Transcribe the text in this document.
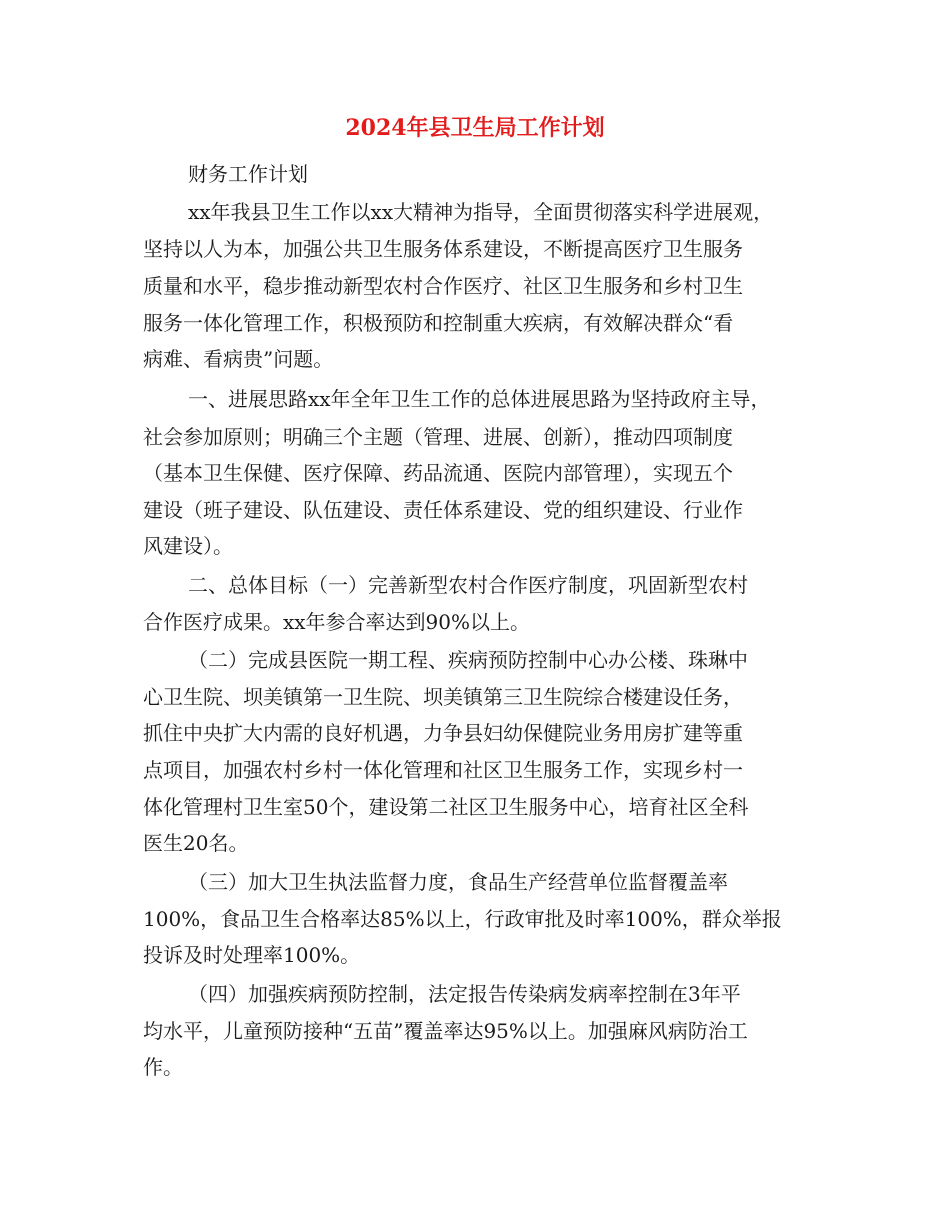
2024年县卫生局工作计划
财务工作计划
xx年我县卫生工作以xx大精神为指导，全面贯彻落实科学进展观，
坚持以人为本，加强公共卫生服务体系建设，不断提高医疗卫生服务
质量和水平，稳步推动新型农村合作医疗、社区卫生服务和乡村卫生
服务一体化管理工作，积极预防和控制重大疾病，有效解决群众“看
病难、看病贵”问题。
一、进展思路xx年全年卫生工作的总体进展思路为坚持政府主导，
社会参加原则；明确三个主题（管理、进展、创新），推动四项制度
（基本卫生保健、医疗保障、药品流通、医院内部管理），实现五个
建设（班子建设、队伍建设、责任体系建设、党的组织建设、行业作
风建设）。
二、总体目标（一）完善新型农村合作医疗制度，巩固新型农村
合作医疗成果。xx年参合率达到90%以上。
（二）完成县医院一期工程、疾病预防控制中心办公楼、珠琳中
心卫生院、坝美镇第一卫生院、坝美镇第三卫生院综合楼建设任务，
抓住中央扩大内需的良好机遇，力争县妇幼保健院业务用房扩建等重
点项目，加强农村乡村一体化管理和社区卫生服务工作，实现乡村一
体化管理村卫生室50个，建设第二社区卫生服务中心，培育社区全科
医生20名。
（三）加大卫生执法监督力度，食品生产经营单位监督覆盖率
100%，食品卫生合格率达85%以上，行政审批及时率100%，群众举报
投诉及时处理率100%。
（四）加强疾病预防控制，法定报告传染病发病率控制在3年平
均水平，儿童预防接种“五苗”覆盖率达95%以上。加强麻风病防治工
作。
